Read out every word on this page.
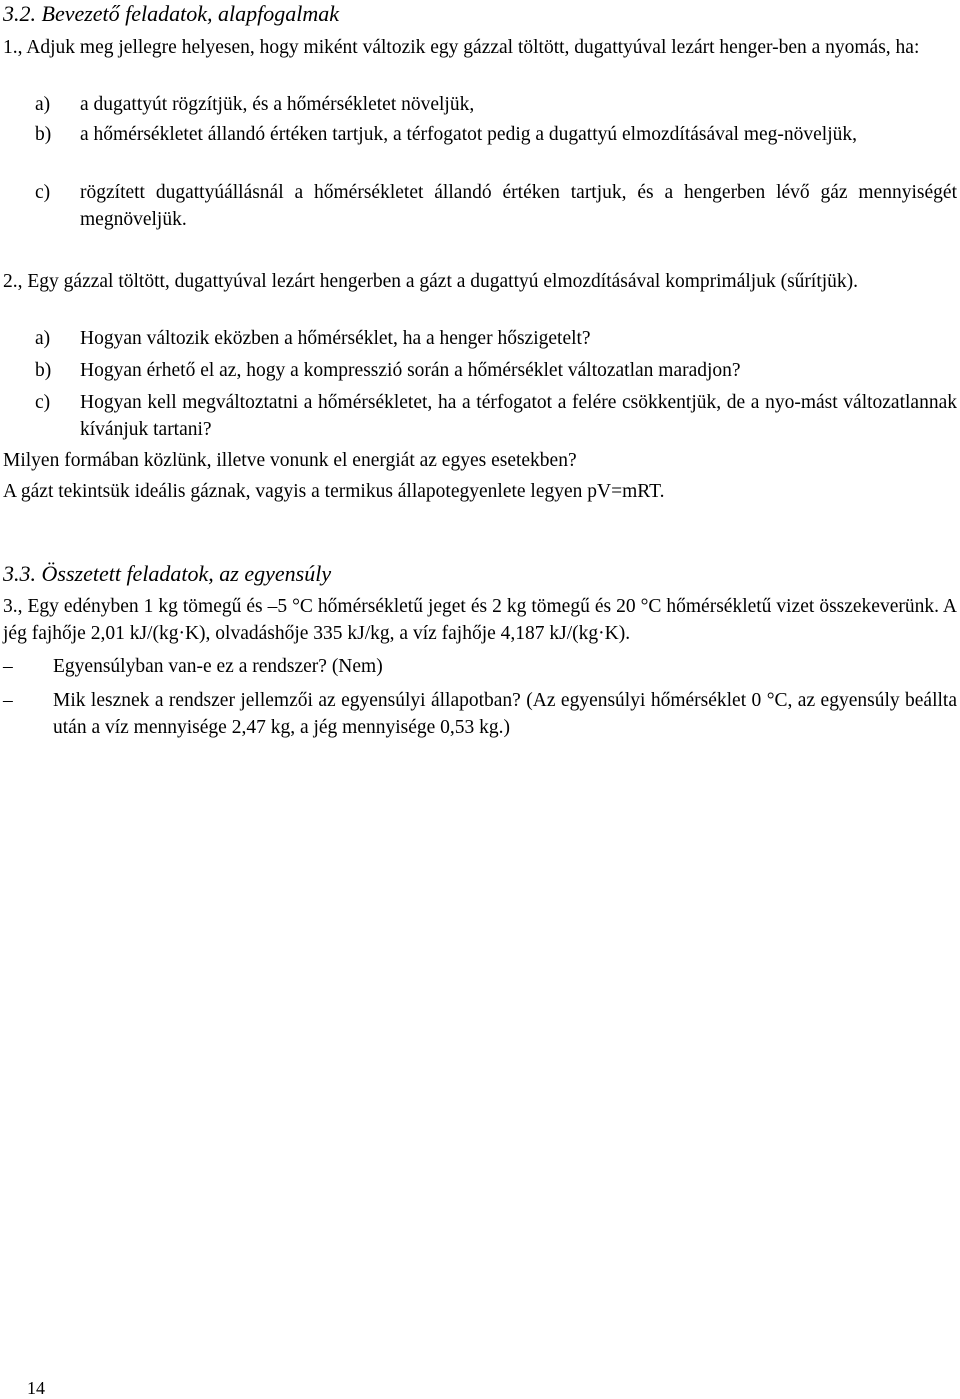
3.2. Bevezető feladatok, alapfogalmak
1., Adjuk meg jellegre helyesen, hogy miként változik egy gázzal töltött, dugattyúval lezárt henger-ben a nyomás, ha:
a) a dugattyút rögzítjük, és a hőmérsékletet növeljük,
b) a hőmérsékletet állandó értéken tartjuk, a térfogatot pedig a dugattyú elmozdításával meg-növeljük,
c) rögzített dugattyúállásnál a hőmérsékletet állandó értéken tartjuk, és a hengerben lévő gáz mennyiségét megnöveljük.
2., Egy gázzal töltött, dugattyúval lezárt hengerben a gázt a dugattyú elmozdításával komprimáljuk (sűrítjük).
a) Hogyan változik eközben a hőmérséklet, ha a henger hőszigetelt?
b) Hogyan érhető el az, hogy a kompresszió során a hőmérséklet változatlan maradjon?
c) Hogyan kell megváltoztatni a hőmérsékletet, ha a térfogatot a felére csökkentjük, de a nyo-mást változatlannak kívánjuk tartani?
Milyen formában közlünk, illetve vonunk el energiát az egyes esetekben?
A gázt tekintsük ideális gáznak, vagyis a termikus állapotegyenlete legyen pV=mRT.
3.3. Összetett feladatok, az egyensúly
3., Egy edényben 1 kg tömegű és –5 °C hőmérsékletű jeget és 2 kg tömegű és 20 °C hőmérsékletű vizet összekeverünk. A jég fajhője 2,01 kJ/(kg·K), olvadáshője 335 kJ/kg, a víz fajhője 4,187 kJ/(kg·K).
– Egyensúlyban van-e ez a rendszer? (Nem)
– Mik lesznek a rendszer jellemzői az egyensúlyi állapotban? (Az egyensúlyi hőmérséklet 0 °C, az egyensúly beállta után a víz mennyisége 2,47 kg, a jég mennyisége 0,53 kg.)
14
